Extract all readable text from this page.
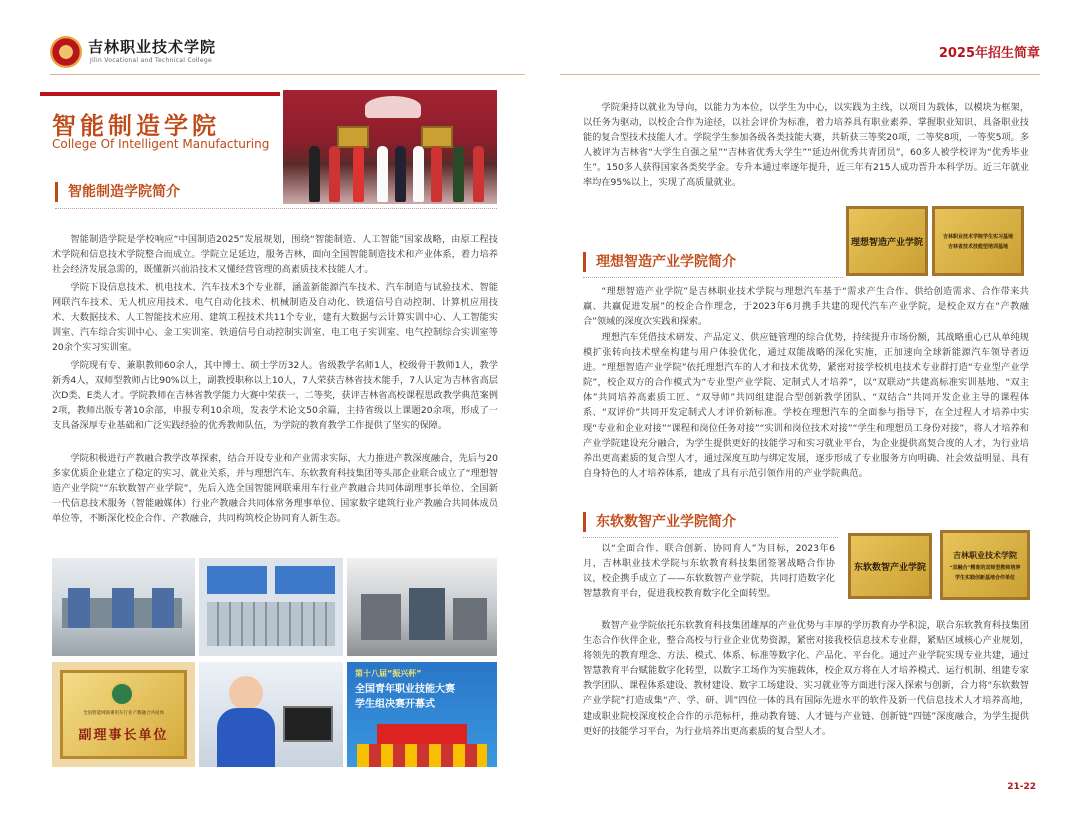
吉林职业技术学院
Jilin Vocational and Technical College	2025年招生简章
智能制造学院
College Of Intelligent Manufacturing
智能制造学院简介
智能制造学院是学校响应“中国制造2025”发展规划，围绕“智能制造、人工智能”国家战略，由原工程技术学院和信息技术学院整合而成立。学院立足延边，服务吉林，面向全国智能制造技术和产业体系，着力培养社会经济发展急需的，既懂新兴前沿技术又懂经营管理的高素质技术技能人才。
学院下设信息技术、机电技术、汽车技术3个专业群，涵盖新能源汽车技术、汽车制造与试验技术、智能网联汽车技术、无人机应用技术、电气自动化技术、机械制造及自动化、铁道信号自动控制、计算机应用技术、大数据技术、人工智能技术应用、建筑工程技术共11个专业，建有大数据与云计算实训中心、人工智能实训室、汽车综合实训中心、金工实训室、铁道信号自动控制实训室、电工电子实训室、电气控制综合实训室等20余个实习实训室。
学院现有专、兼职教师60余人，其中博士、硕士学历32人。省级教学名师1人，校级骨干教师1人，教学新秀4人，双师型教师占比90%以上，副教授职称以上10人，7人荣获吉林省技术能手，7人认定为吉林省高层次D类、E类人才。学院教师在吉林省教学能力大赛中荣获一、二等奖，获评吉林省高校课程思政教学典范案例2项，教师出版专著10余部，申报专利10余项，发表学术论文50余篇，主持省级以上课题20余项，形成了一支具备深厚专业基础和广泛实践经验的优秀教师队伍，为学院的教育教学工作提供了坚实的保障。
学院积极进行产教融合教学改革探索，结合开设专业和产业需求实际，大力推进产教深度融合，先后与20多家优质企业建立了稳定的实习、就业关系，并与理想汽车、东软教育科技集团等头部企业联合成立了“理想智造产业学院”“东软数智产业学院”，先后入选全国智能网联乘用车行业产教融合共同体副理事长单位、全国新一代信息技术服务（智能融媒体）行业产教融合共同体常务理事单位、国家数字建筑行业产教融合共同体成员单位等，不断深化校企合作、产教融合，共同构筑校企协同育人新生态。
全国智能网联乘用车行业产教融合共同体
副理事长单位
第十八届“振兴杯”
全国青年职业技能大赛
学生组决赛开幕式
学院秉持以就业为导向，以能力为本位，以学生为中心，以实践为主线，以项目为载体，以模块为框架，以任务为驱动，以校企合作为途径，以社会评价为标准，着力培养具有职业素养、掌握职业知识、具备职业技能的复合型技术技能人才。学院学生参加各级各类技能大赛，共斩获三等奖20项，二等奖8项，一等奖5项。多人被评为吉林省“大学生自强之星”“吉林省优秀大学生”“延边州优秀共青团员”，60多人被学校评为“优秀毕业生”。150多人获得国家各类奖学金。专升本通过率逐年提升，近三年有215人成功晋升本科学历。近三年就业率均在95%以上，实现了高质量就业。
理想智造产业学院
吉林职业技术学院学生实习基地
吉林省技术技能型培训基地
理想智造产业学院简介
“理想智造产业学院”是吉林职业技术学院与理想汽车基于“需求产生合作、供给创造需求、合作带来共赢、共赢促进发展”的校企合作理念，于2023年6月携手共建的现代汽车产业学院，是校企双方在“产教融合”领域的深度次实践和探索。
理想汽车凭借技术研发、产品定义、供应链管理的综合优势，持续提升市场份额，其战略重心已从单纯规模扩张转向技术壁垒构建与用户体验优化，通过双能战略的深化实施，正加速向全球新能源汽车领导者迈进。“理想智造产业学院”依托理想汽车的人才和技术优势，紧密对接学校机电技术专业群打造“专业型产业学院”，校企双方的合作模式为“专业型产业学院、定制式人才培养”，以“双联动”共建高标准实训基地、“双主体”共同培养高素质工匠、“双导师”共同组建混合型创新教学团队、“双结合”共同开发企业主导的课程体系、“双评价”共同开发定制式人才评价新标准。学校在理想汽车的全面参与指导下，在全过程人才培养中实现“专业和企业对接”“课程和岗位任务对接”“实训和岗位技术对接”“学生和理想员工身份对接”，将人才培养和产业学院建设充分融合，为学生提供更好的技能学习和实习就业平台，为企业提供高契合度的人才，为行业培养出更高素质的复合型人才，通过深度互助与绑定发展，逐步形成了专业服务方向明确、社会效益明显、具有自身特色的人才培养体系，建成了具有示范引领作用的产业学院典范。
东软数智产业学院简介
以“全面合作、联合创新、协同育人”为目标，2023年6月，吉林职业技术学院与东软教育科技集团签署战略合作协议，校企携手成立了——东软数智产业学院，共同打造数字化智慧教育平台，促进我校教育数字化全面转型。
东软数智产业学院
吉林职业技术学院
“双融合”精准的双师型教师培养
学生实践创新基地合作单位
数智产业学院依托东软教育科技集团雄厚的产业优势与丰厚的学历教育办学积淀，联合东软教育科技集团生态合作伙伴企业，整合高校与行业企业优势资源，紧密对接我校信息技术专业群，紧贴区域核心产业规划，将领先的教育理念、方法、模式、体系、标准等数字化、产品化、平台化。通过产业学院实现专业共建，通过智慧教育平台赋能数字化转型，以数字工场作为实施载体，校企双方将在人才培养模式、运行机制、组建专家教学团队、课程体系建设、教材建设、数字工场建设、实习就业等方面进行深入探索与创新，合力将“东软数智产业学院”打造成集“产、学、研、训”四位一体的具有国际先进水平的软件及新一代信息技术人才培养高地，建成职业院校深度校企合作的示范标杆，推动教育链、人才链与产业链、创新链“四链”深度融合，为学生提供更好的技能学习平台，为行业培养出更高素质的复合型人才。
21-22
